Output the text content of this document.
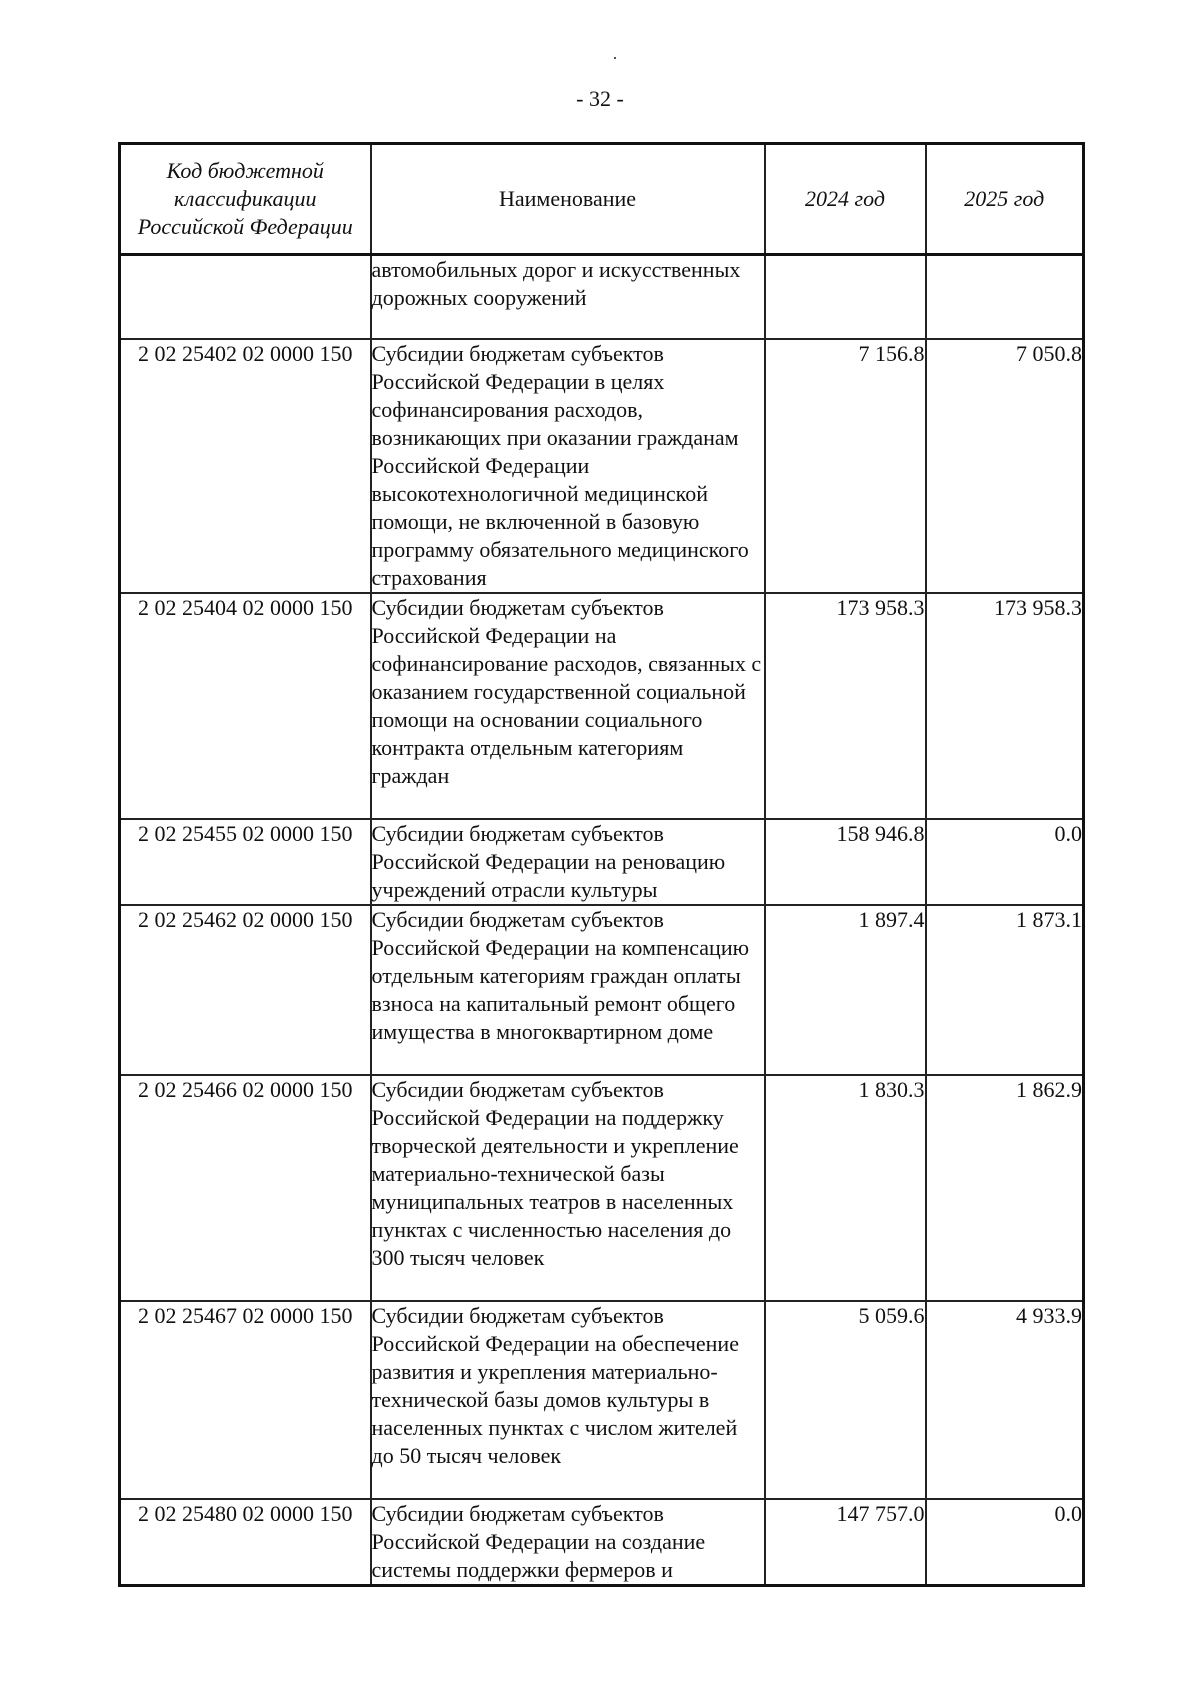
- 32 -
Код бюджетной классификации Российской Федерации	Наименование	2024 год	2025 год
	автомобильных дорог и искусственных дорожных сооружений		
2 02 25402 02 0000 150	Субсидии бюджетам субъектов Российской Федерации в целях софинансирования расходов, возникающих при оказании гражданам Российской Федерации высокотехнологичной медицинской помощи, не включенной в базовую программу обязательного медицинского страхования	7 156.8	7 050.8
2 02 25404 02 0000 150	Субсидии бюджетам субъектов Российской Федерации на софинансирование расходов, связанных с оказанием государственной социальной помощи на основании социального контракта отдельным категориям граждан	173 958.3	173 958.3
2 02 25455 02 0000 150	Субсидии бюджетам субъектов Российской Федерации на реновацию учреждений отрасли культуры	158 946.8	0.0
2 02 25462 02 0000 150	Субсидии бюджетам субъектов Российской Федерации на компенсацию отдельным категориям граждан оплаты взноса на капитальный ремонт общего имущества в многоквартирном доме	1 897.4	1 873.1
2 02 25466 02 0000 150	Субсидии бюджетам субъектов Российской Федерации на поддержку творческой деятельности и укрепление материально-технической базы муниципальных театров в населенных пунктах с численностью населения до 300 тысяч человек	1 830.3	1 862.9
2 02 25467 02 0000 150	Субсидии бюджетам субъектов Российской Федерации на обеспечение развития и укрепления материально-технической базы домов культуры в населенных пунктах с числом жителей до 50 тысяч человек	5 059.6	4 933.9
2 02 25480 02 0000 150	Субсидии бюджетам субъектов Российской Федерации на создание системы поддержки фермеров и	147 757.0	0.0
